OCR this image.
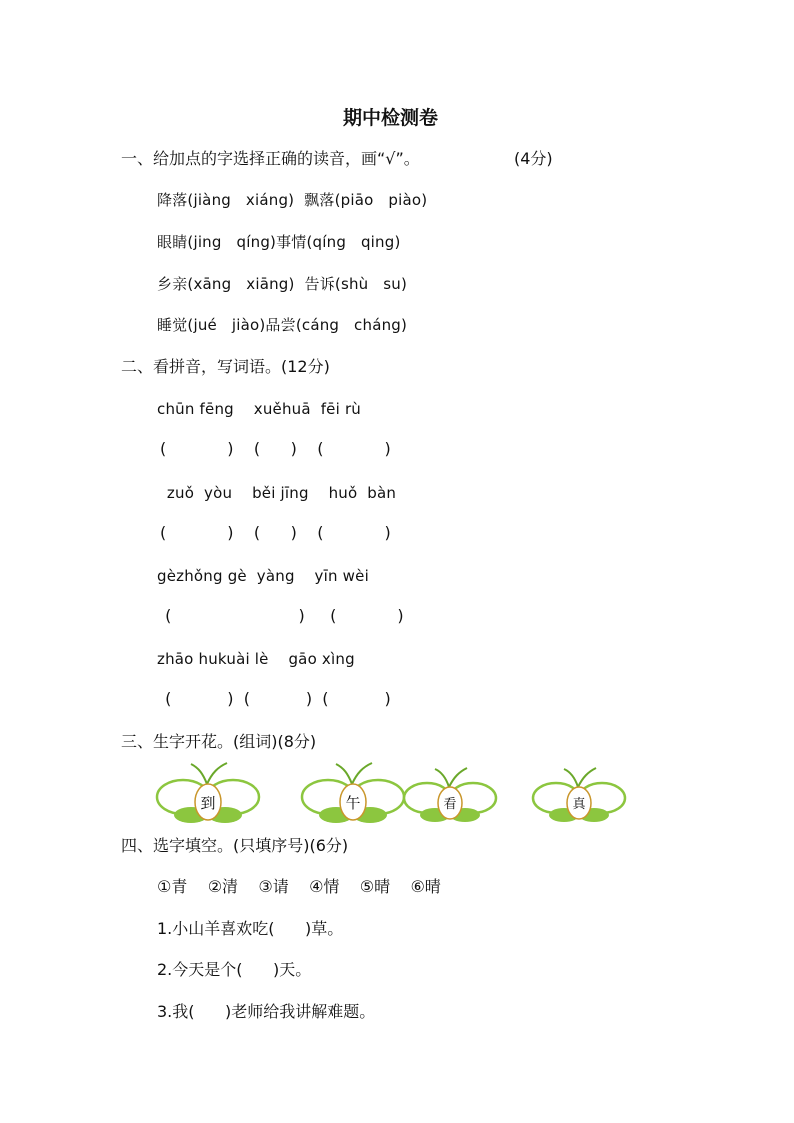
期中检测卷
一、给加点的字选择正确的读音，画“√”。	(4分)
降落(jiàng   xiáng)  飘落(piāo   piào)
眼睛(jing   qíng)事情(qíng   qing)
乡亲(xāng   xiāng)  告诉(shù   su)
睡觉(jué   jiào)品尝(cáng   cháng)
二、看拼音，写词语。(12分)
chūn fēng    xuěhuā  fēi rù
(            )    (      )    (            )
zuǒ  yòu    běi jīng    huǒ  bàn
(            )    (      )    (            )
gèzhǒng gè  yàng    yīn wèi
(                         )     (            )
zhāo hukuài lè    gāo xìng
(           )  (           )  (           )
三、生字开花。(组词)(8分)
到	午	看	真
四、选字填空。(只填序号)(6分)
①青    ②清    ③请    ④情    ⑤晴    ⑥晴
1.小山羊喜欢吃(      )草。
2.今天是个(      )天。
3.我(      )老师给我讲解难题。
